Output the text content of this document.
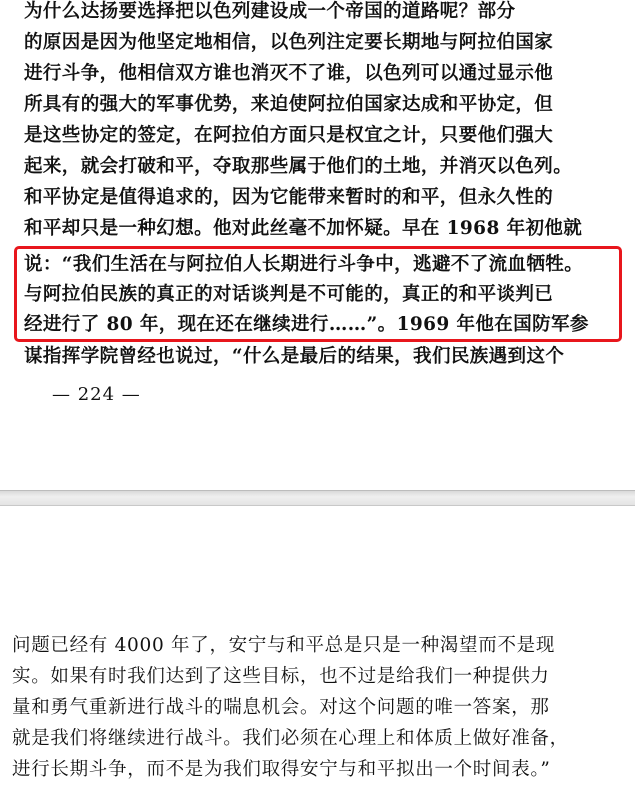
为什么达扬要选择把以色列建设成一个帝国的道路呢？部分
的原因是因为他坚定地相信，以色列注定要长期地与阿拉伯国家
进行斗争，他相信双方谁也消灭不了谁，以色列可以通过显示他
所具有的强大的军事优势，来迫使阿拉伯国家达成和平协定，但
是这些协定的签定，在阿拉伯方面只是权宜之计，只要他们强大
起来，就会打破和平，夺取那些属于他们的土地，并消灭以色列。
和平协定是值得追求的，因为它能带来暂时的和平，但永久性的
和平却只是一种幻想。他对此丝毫不加怀疑。早在 1968 年初他就
说：“我们生活在与阿拉伯人长期进行斗争中，逃避不了流血牺牲。
与阿拉伯民族的真正的对话谈判是不可能的，真正的和平谈判已
经进行了 80 年，现在还在继续进行……”。1969 年他在国防军参
谋指挥学院曾经也说过，“什么是最后的结果，我们民族遇到这个
— 224 —
问题已经有 4000 年了，安宁与和平总是只是一种渴望而不是现
实。如果有时我们达到了这些目标，也不过是给我们一种提供力
量和勇气重新进行战斗的喘息机会。对这个问题的唯一答案，那
就是我们将继续进行战斗。我们必须在心理上和体质上做好准备，
进行长期斗争，而不是为我们取得安宁与和平拟出一个时间表。”
